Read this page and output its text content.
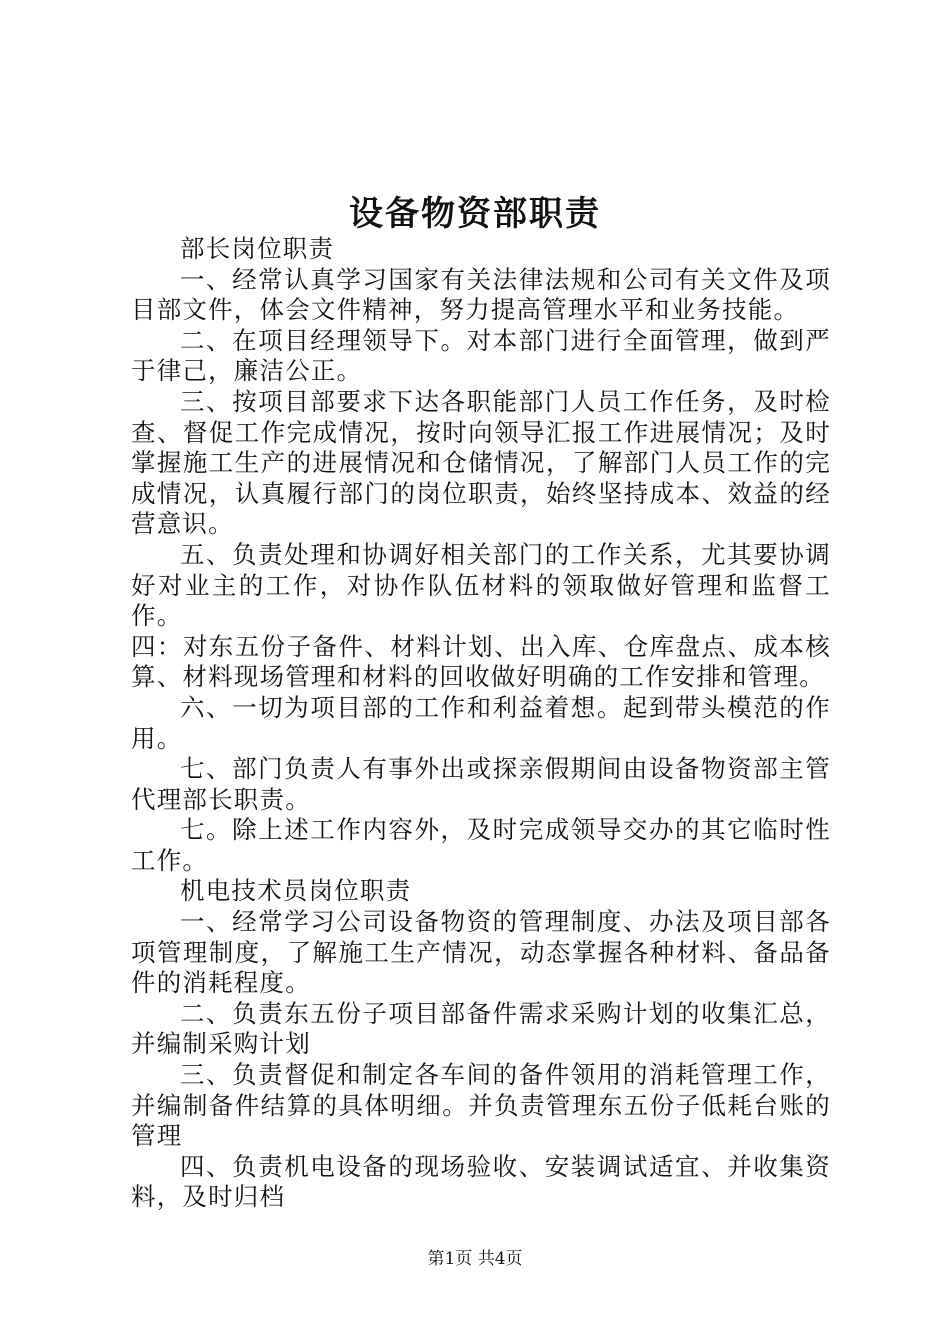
设备物资部职责

部长岗位职责

一、经常认真学习国家有关法律法规和公司有关文件及项目部文件，体会文件精神，努力提高管理水平和业务技能。

二、在项目经理领导下。对本部门进行全面管理，做到严于律己，廉洁公正。

三、按项目部要求下达各职能部门人员工作任务，及时检查、督促工作完成情况，按时向领导汇报工作进展情况；及时掌握施工生产的进展情况和仓储情况，了解部门人员工作的完成情况，认真履行部门的岗位职责，始终坚持成本、效益的经营意识。

五、负责处理和协调好相关部门的工作关系，尤其要协调好对业主的工作，对协作队伍材料的领取做好管理和监督工作。

四：对东五份子备件、材料计划、出入库、仓库盘点、成本核算、材料现场管理和材料的回收做好明确的工作安排和管理。

六、一切为项目部的工作和利益着想。起到带头模范的作用。

七、部门负责人有事外出或探亲假期间由设备物资部主管代理部长职责。

七。除上述工作内容外，及时完成领导交办的其它临时性工作。

机电技术员岗位职责

一、经常学习公司设备物资的管理制度、办法及项目部各项管理制度，了解施工生产情况，动态掌握各种材料、备品备件的消耗程度。

二、负责东五份子项目部备件需求采购计划的收集汇总，并编制采购计划

三、负责督促和制定各车间的备件领用的消耗管理工作，并编制备件结算的具体明细。并负责管理东五份子低耗台账的管理

四、负责机电设备的现场验收、安装调试适宜、并收集资料，及时归档

第1页 共4页
